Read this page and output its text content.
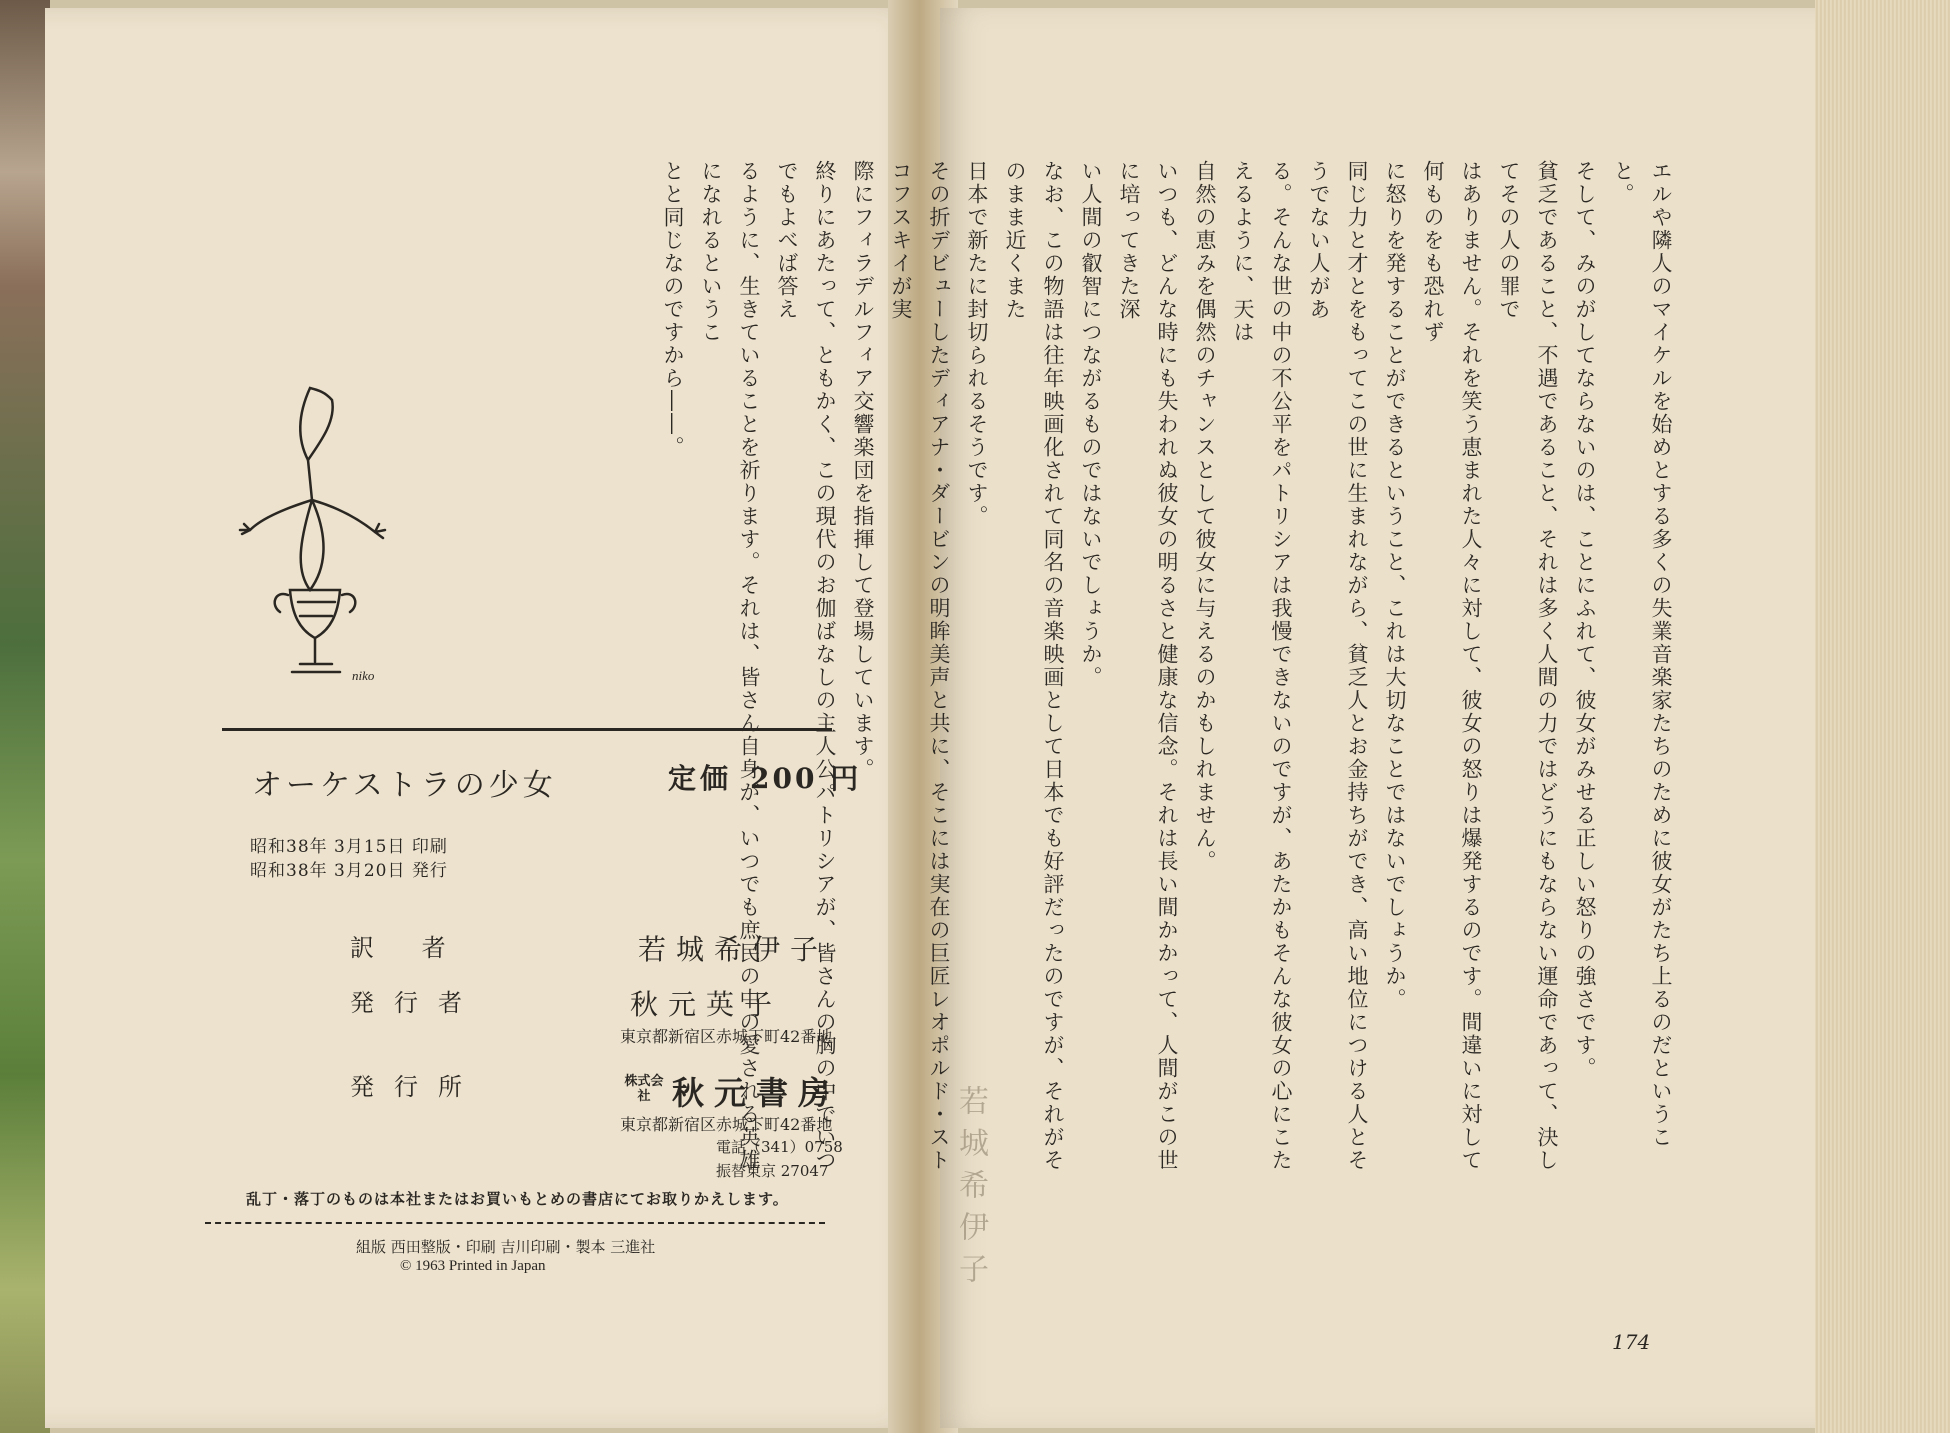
niko
オーケストラの少女	定価 200 円
昭和38年 3月15日 印刷
昭和38年 3月20日 発行
訳 者	若城希伊子
発行者	秋元英子
東京都新宿区赤城下町42番地
発行所	株式会社 秋元書房
東京都新宿区赤城下町42番地
電話（341）0758
振替東京 27047
乱丁・落丁のものは本社またはお買いもとめの書店にてお取りかえします。
組版 西田整版・印刷 吉川印刷・製本 三進社
© 1963 Printed in Japan	若城希伊子

エルや隣人のマイケルを始めとする多くの失業音楽家たちのために彼女がたち上るのだということ。

そして、みのがしてならないのは、ことにふれて、彼女がみせる正しい怒りの強さです。

貧乏であること、不遇であること、それは多く人間の力ではどうにもならない運命であって、決してその人の罪で

はありません。それを笑う恵まれた人々に対して、彼女の怒りは爆発するのです。間違いに対して何ものをも恐れず

に怒りを発することができるということ、これは大切なことではないでしょうか。

同じ力と才とをもってこの世に生まれながら、貧乏人とお金持ちができ、高い地位につける人とそうでない人があ

る。そんな世の中の不公平をパトリシアは我慢できないのですが、あたかもそんな彼女の心にこたえるように、天は

自然の恵みを偶然のチャンスとして彼女に与えるのかもしれません。

いつも、どんな時にも失われぬ彼女の明るさと健康な信念。それは長い間かかって、人間がこの世に培ってきた深

い人間の叡智につながるものではないでしょうか。

なお、この物語は往年映画化されて同名の音楽映画として日本でも好評だったのですが、それがそのまま近くまた

日本で新たに封切られるそうです。

その折デビューしたディアナ・ダービンの明眸美声と共に、そこには実在の巨匠レオポルド・ストコフスキイが実

際にフィラデルフィア交響楽団を指揮して登場しています。

終りにあたって、ともかく、この現代のお伽ばなしの主人公パトリシアが、皆さんの胸の中でいつでもよべば答え

るように、生きていることを祈ります。それは、皆さん自身が、いつでも庶民の中の愛される英雄になれるというこ

とと同じなのですから――。

174
